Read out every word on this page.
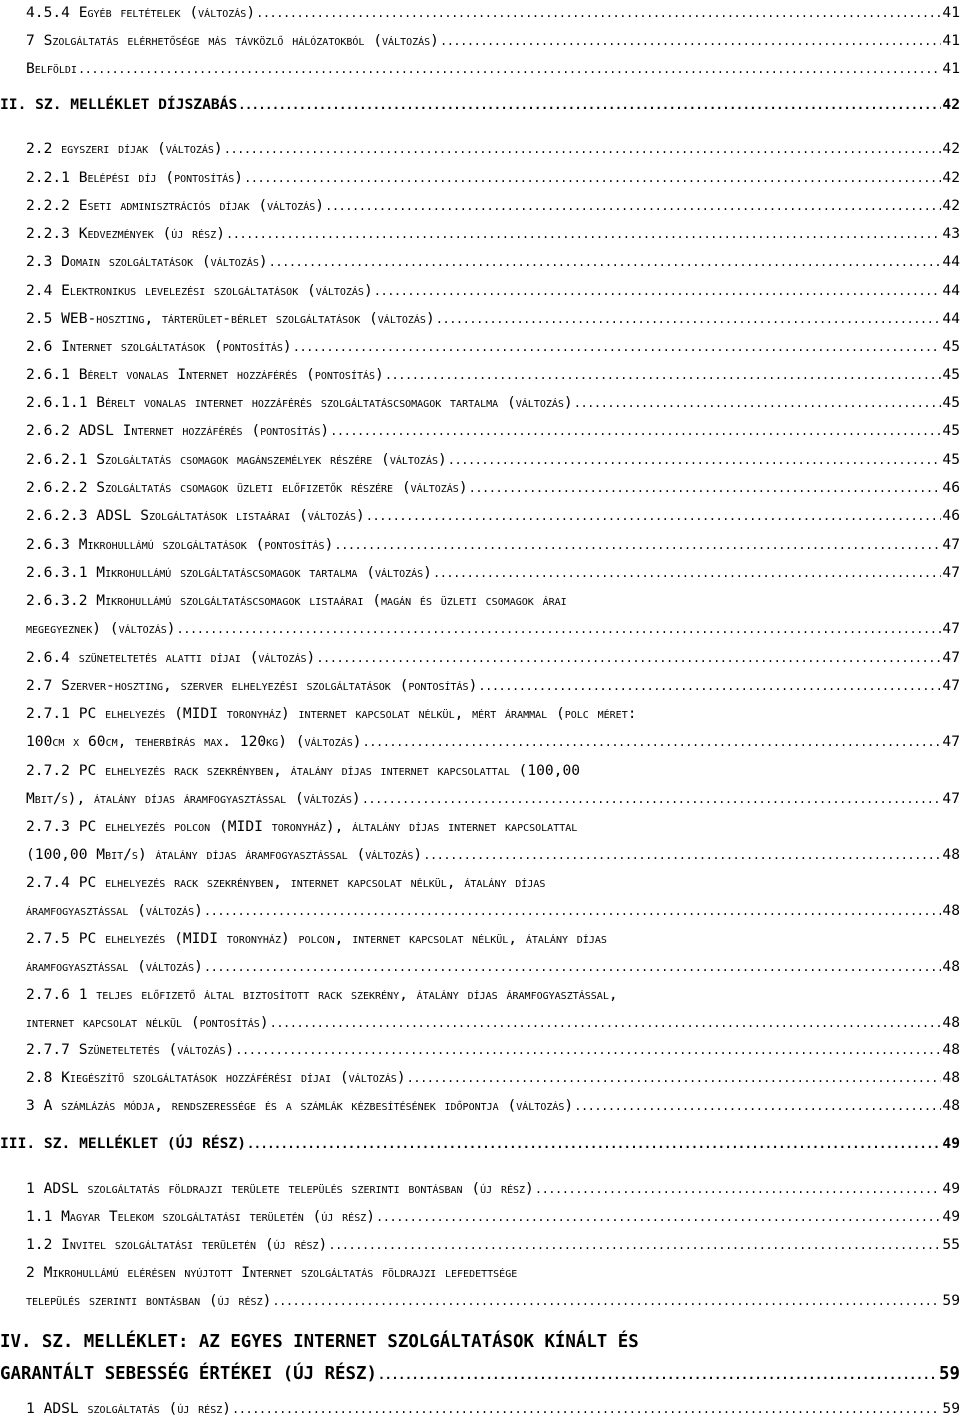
4.5.4 Egyéb feltételek (változás) .....	41
7 Szolgáltatás elérhetősége más távközlő hálózatokból (változás) .....	41
Belföldi .....	41
II. SZ. MELLÉKLET DÍJSZABÁS .....	42
2.2 egyszeri díjak (változás) .....	42
2.2.1 Belépési díj (pontosítás) .....	42
2.2.2 Eseti adminisztrációs díjak (változás) .....	42
2.2.3 Kedvezmények (új rész) .....	43
2.3 Domain szolgáltatások (változás) .....	44
2.4 Elektronikus levelezési szolgáltatások (változás) .....	44
2.5 WEB-hoszting, tárterület-bérlet szolgáltatások (változás) .....	44
2.6 Internet szolgáltatások (pontosítás) .....	45
2.6.1 Bérelt vonalas Internet hozzáférés (pontosítás) .....	45
2.6.1.1 Bérelt vonalas internet hozzáférés szolgáltatáscsomagok tartalma (változás) .....	45
2.6.2 ADSL Internet hozzáférés (pontosítás) .....	45
2.6.2.1 Szolgáltatás csomagok magánszemélyek részére (változás) .....	45
2.6.2.2 Szolgáltatás csomagok üzleti előfizetők részére (változás) .....	46
2.6.2.3 ADSL Szolgáltatások listaárai (változás) .....	46
2.6.3 Mikrohullámú szolgáltatások (pontosítás) .....	47
2.6.3.1 Mikrohullámú szolgáltatáscsomagok tartalma (változás) .....	47
2.6.3.2 Mikrohullámú szolgáltatáscsomagok listaárai (magán és üzleti csomagok árai
megegyeznek) (változás) .....	47
2.6.4 szüneteltetés alatti díjai (változás) .....	47
2.7 Szerver-hoszting, szerver elhelyezési szolgáltatások (pontosítás) .....	47
2.7.1 PC elhelyezés (MIDI toronyház) internet kapcsolat nélkül, mért árammal (polc méret:
100cm x 60cm, teherbírás max. 120kg) (változás) .....	47
2.7.2 PC elhelyezés rack szekrényben, átalány díjas internet kapcsolattal (100,00
Mbit/s), átalány díjas áramfogyasztással (változás) .....	47
2.7.3 PC elhelyezés polcon (MIDI toronyház), általány díjas internet kapcsolattal
(100,00 Mbit/s) átalány díjas áramfogyasztással (változás) .....	48
2.7.4 PC elhelyezés rack szekrényben, internet kapcsolat nélkül, átalány díjas
áramfogyasztással (változás) .....	48
2.7.5 PC elhelyezés (MIDI toronyház) polcon, internet kapcsolat nélkül, átalány díjas
áramfogyasztással (változás) .....	48
2.7.6 1 teljes előfizető által biztosított rack szekrény, átalány díjas áramfogyasztással,
internet kapcsolat nélkül (pontosítás) .....	48
2.7.7 Szüneteltetés (változás) .....	48
2.8 Kiegészítő szolgáltatások hozzáférési díjai (változás) .....	48
3 A számlázás módja, rendszeressége és a számlák kézbesítésének időpontja (változás) .....	48
III. SZ. MELLÉKLET (ÚJ RÉSZ) .....	49
1 ADSL szolgáltatás földrajzi területe település szerinti bontásban (új rész) .....	49
1.1 Magyar Telekom szolgáltatási területén (új rész) .....	49
1.2 Invitel szolgáltatási területén (új rész) .....	55
2 Mikrohullámú elérésen nyújtott Internet szolgáltatás földrajzi lefedettsége
település szerinti bontásban (új rész) .....	59
IV. SZ. MELLÉKLET: AZ EGYES INTERNET SZOLGÁLTATÁSOK KÍNÁLT ÉS
GARANTÁLT SEBESSÉG ÉRTÉKEI (ÚJ RÉSZ) .....	59
1 ADSL szolgáltatás (új rész) .....	59
